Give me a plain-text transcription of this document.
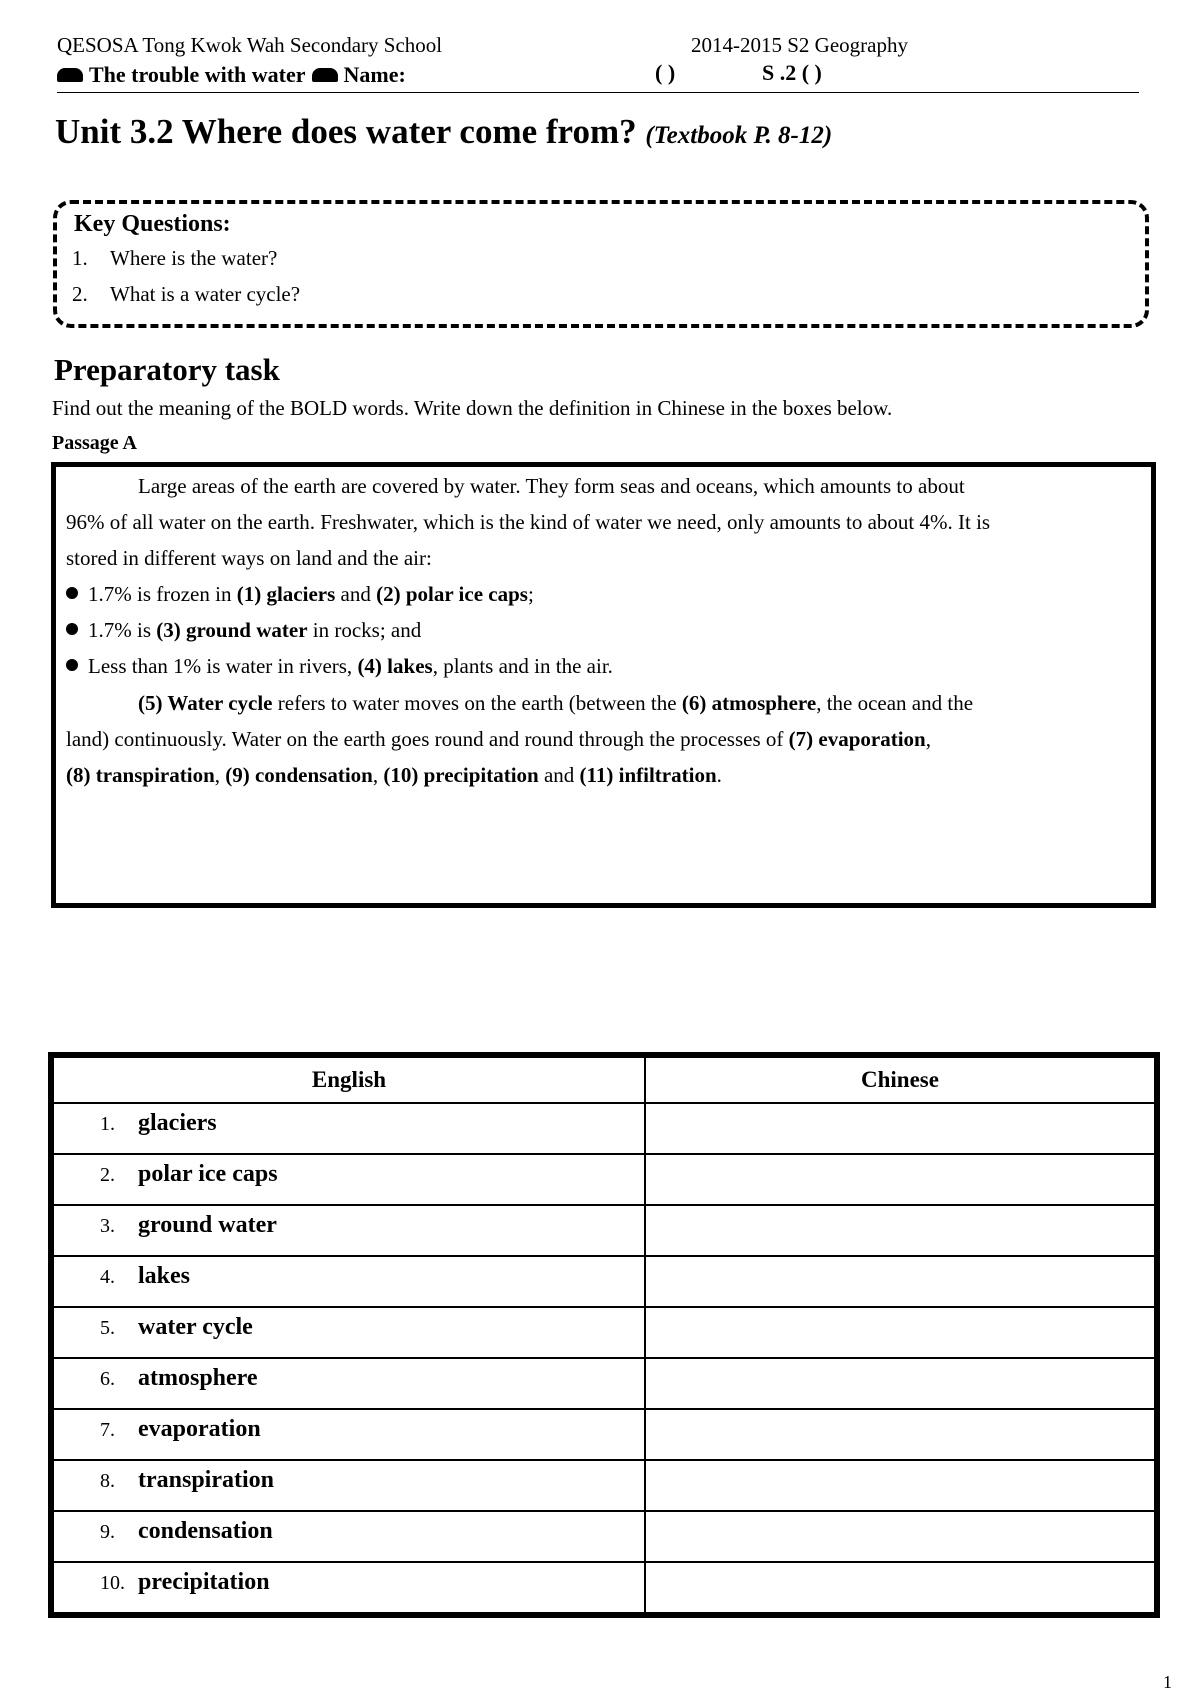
QESOSA Tong Kwok Wah Secondary School	2014-2015 S2 Geography
The trouble with water Name:	( )	S .2 ( )
Unit 3.2 Where does water come from? (Textbook P. 8-12)
Key Questions:
1. Where is the water?
2. What is a water cycle?
Preparatory task
Find out the meaning of the BOLD words. Write down the definition in Chinese in the boxes below.
Passage A
Large areas of the earth are covered by water. They form seas and oceans, which amounts to about
96% of all water on the earth. Freshwater, which is the kind of water we need, only amounts to about 4%. It is
stored in different ways on land and the air:
1.7% is frozen in (1) glaciers and (2) polar ice caps;
1.7% is (3) ground water in rocks; and
Less than 1% is water in rivers, (4) lakes, plants and in the air.
(5) Water cycle refers to water moves on the earth (between the (6) atmosphere, the ocean and the
land) continuously. Water on the earth goes round and round through the processes of (7) evaporation,
(8) transpiration, (9) condensation, (10) precipitation and (11) infiltration.
English	Chinese

1. glaciers	

2. polar ice caps	

3. ground water	

4. lakes	

5. water cycle	

6. atmosphere	

7. evaporation	

8. transpiration	

9. condensation	

10. precipitation	

1
